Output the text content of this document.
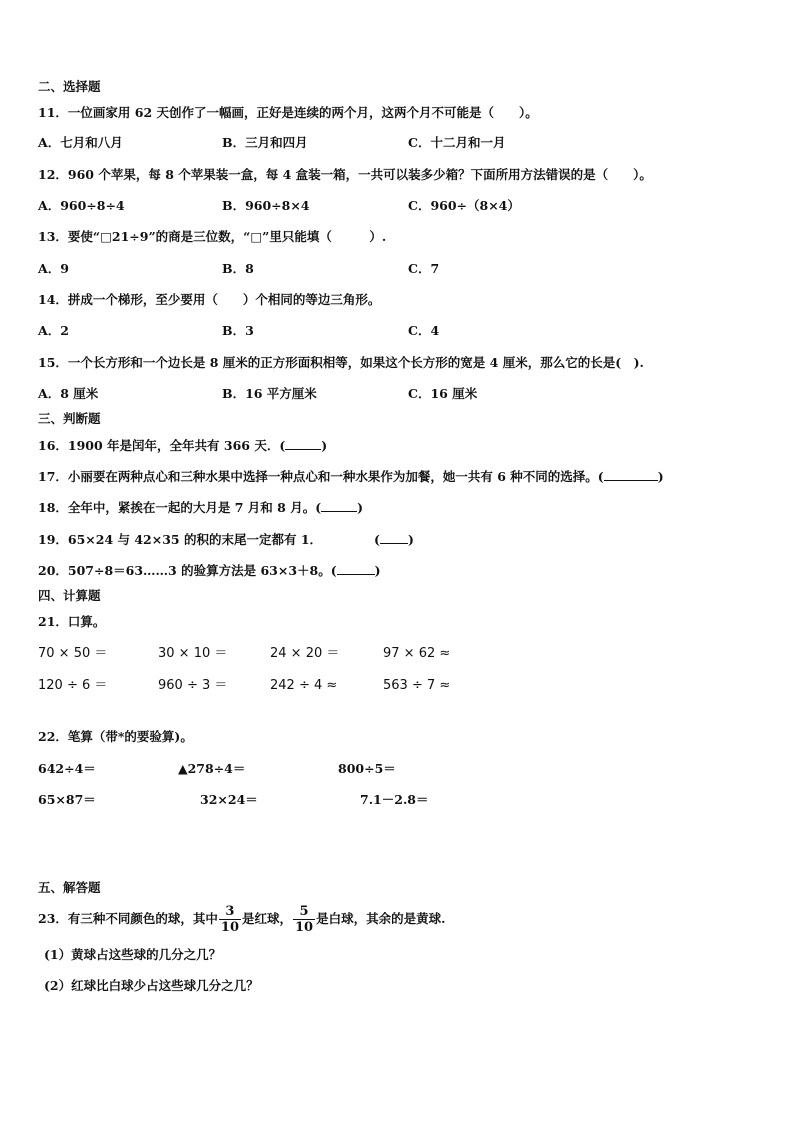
二、选择题
11．一位画家用 62 天创作了一幅画，正好是连续的两个月，这两个月不可能是（　　）。
A．七月和八月	B．三月和四月	C．十二月和一月
12．960 个苹果，每 8 个苹果装一盒，每 4 盒装一箱，一共可以装多少箱？下面所用方法错误的是（　　）。
A．960÷8÷4	B．960÷8×4	C．960÷（8×4）
13．要使“□21÷9”的商是三位数，“□”里只能填（　　　）.
A．9	B．8	C．7
14．拼成一个梯形，至少要用（　　）个相同的等边三角形。
A．2	B．3	C．4
15．一个长方形和一个边长是 8 厘米的正方形面积相等，如果这个长方形的宽是 4 厘米，那么它的长是(　).
A．8 厘米	B．16 平方厘米	C．16 厘米
三、判断题
16．1900 年是闰年，全年共有 366 天．(	)
17．小丽要在两种点心和三种水果中选择一种点心和一种水果作为加餐，她一共有 6 种不同的选择。(	)
18．全年中，紧挨在一起的大月是 7 月和 8 月。(	)
19．65×24 与 42×35 的积的末尾一定都有 1．	( )
20．507÷8＝63……3 的验算方法是 63×3＋8。(	)
四、计算题
21．口算。
70 × 50 ＝	30 × 10 ＝	24 × 20 ＝	97 × 62 ≈
120 ÷ 6 ＝	960 ÷ 3 ＝	242 ÷ 4 ≈	563 ÷ 7 ≈
22．笔算（带*的要验算)。
642÷4＝	▲278÷4＝	800÷5＝
65×87＝	32×24＝	7.1－2.8＝
五、解答题
23．有三种不同颜色的球，其中 $\frac{3}{10}$ 是红球， $\frac{5}{10}$ 是白球，其余的是黄球.
(1）黄球占这些球的几分之几？
(2）红球比白球少占这些球几分之几？
